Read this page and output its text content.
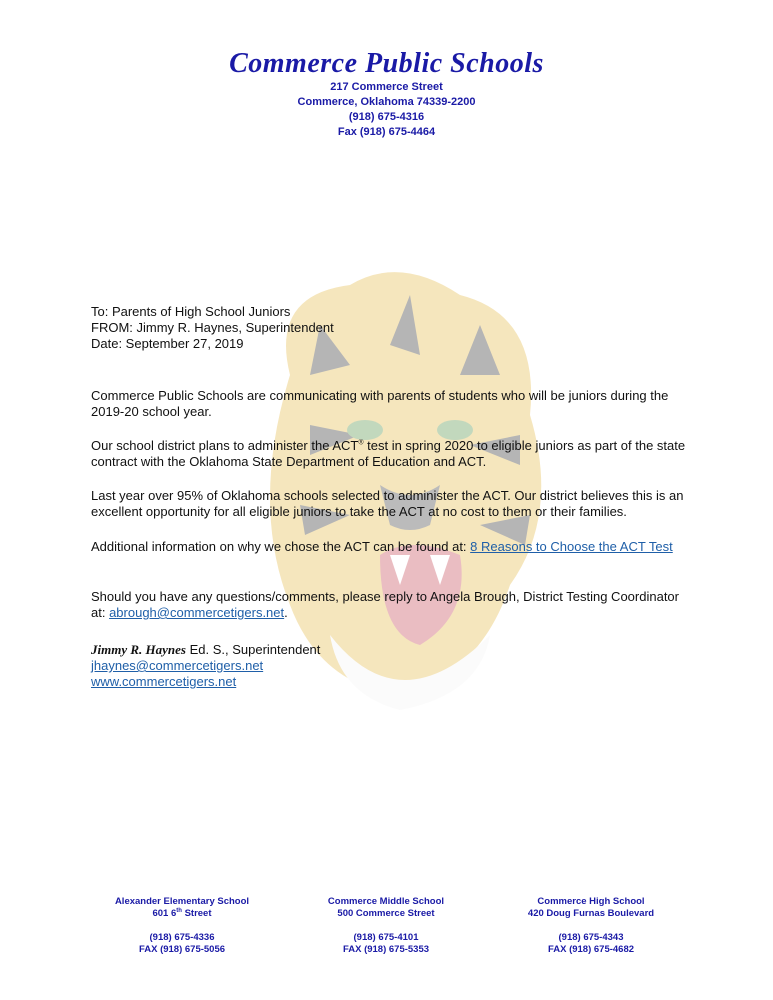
Commerce Public Schools
217 Commerce Street
Commerce, Oklahoma 74339-2200
(918) 675-4316
Fax (918) 675-4464
To: Parents of High School Juniors
FROM: Jimmy R. Haynes, Superintendent
Date: September 27, 2019
Commerce Public Schools are communicating with parents of students who will be juniors during the 2019-20 school year.
Our school district plans to administer the ACT® test in spring 2020 to eligible juniors as part of the state contract with the Oklahoma State Department of Education and ACT.
Last year over 95% of Oklahoma schools selected to administer the ACT. Our district believes this is an excellent opportunity for all eligible juniors to take the ACT at no cost to them or their families.
Additional information on why we chose the ACT can be found at: 8 Reasons to Choose the ACT Test
Should you have any questions/comments, please reply to Angela Brough, District Testing Coordinator at: abrough@commercetigers.net.
Jimmy R. Haynes Ed. S., Superintendent
jhaynes@commercetigers.net
www.commercetigers.net
Alexander Elementary School
601 6th Street
(918) 675-4336
FAX (918) 675-5056
Commerce Middle School
500 Commerce Street
(918) 675-4101
FAX (918) 675-5353
Commerce High School
420 Doug Furnas Boulevard
(918) 675-4343
FAX (918) 675-4682
